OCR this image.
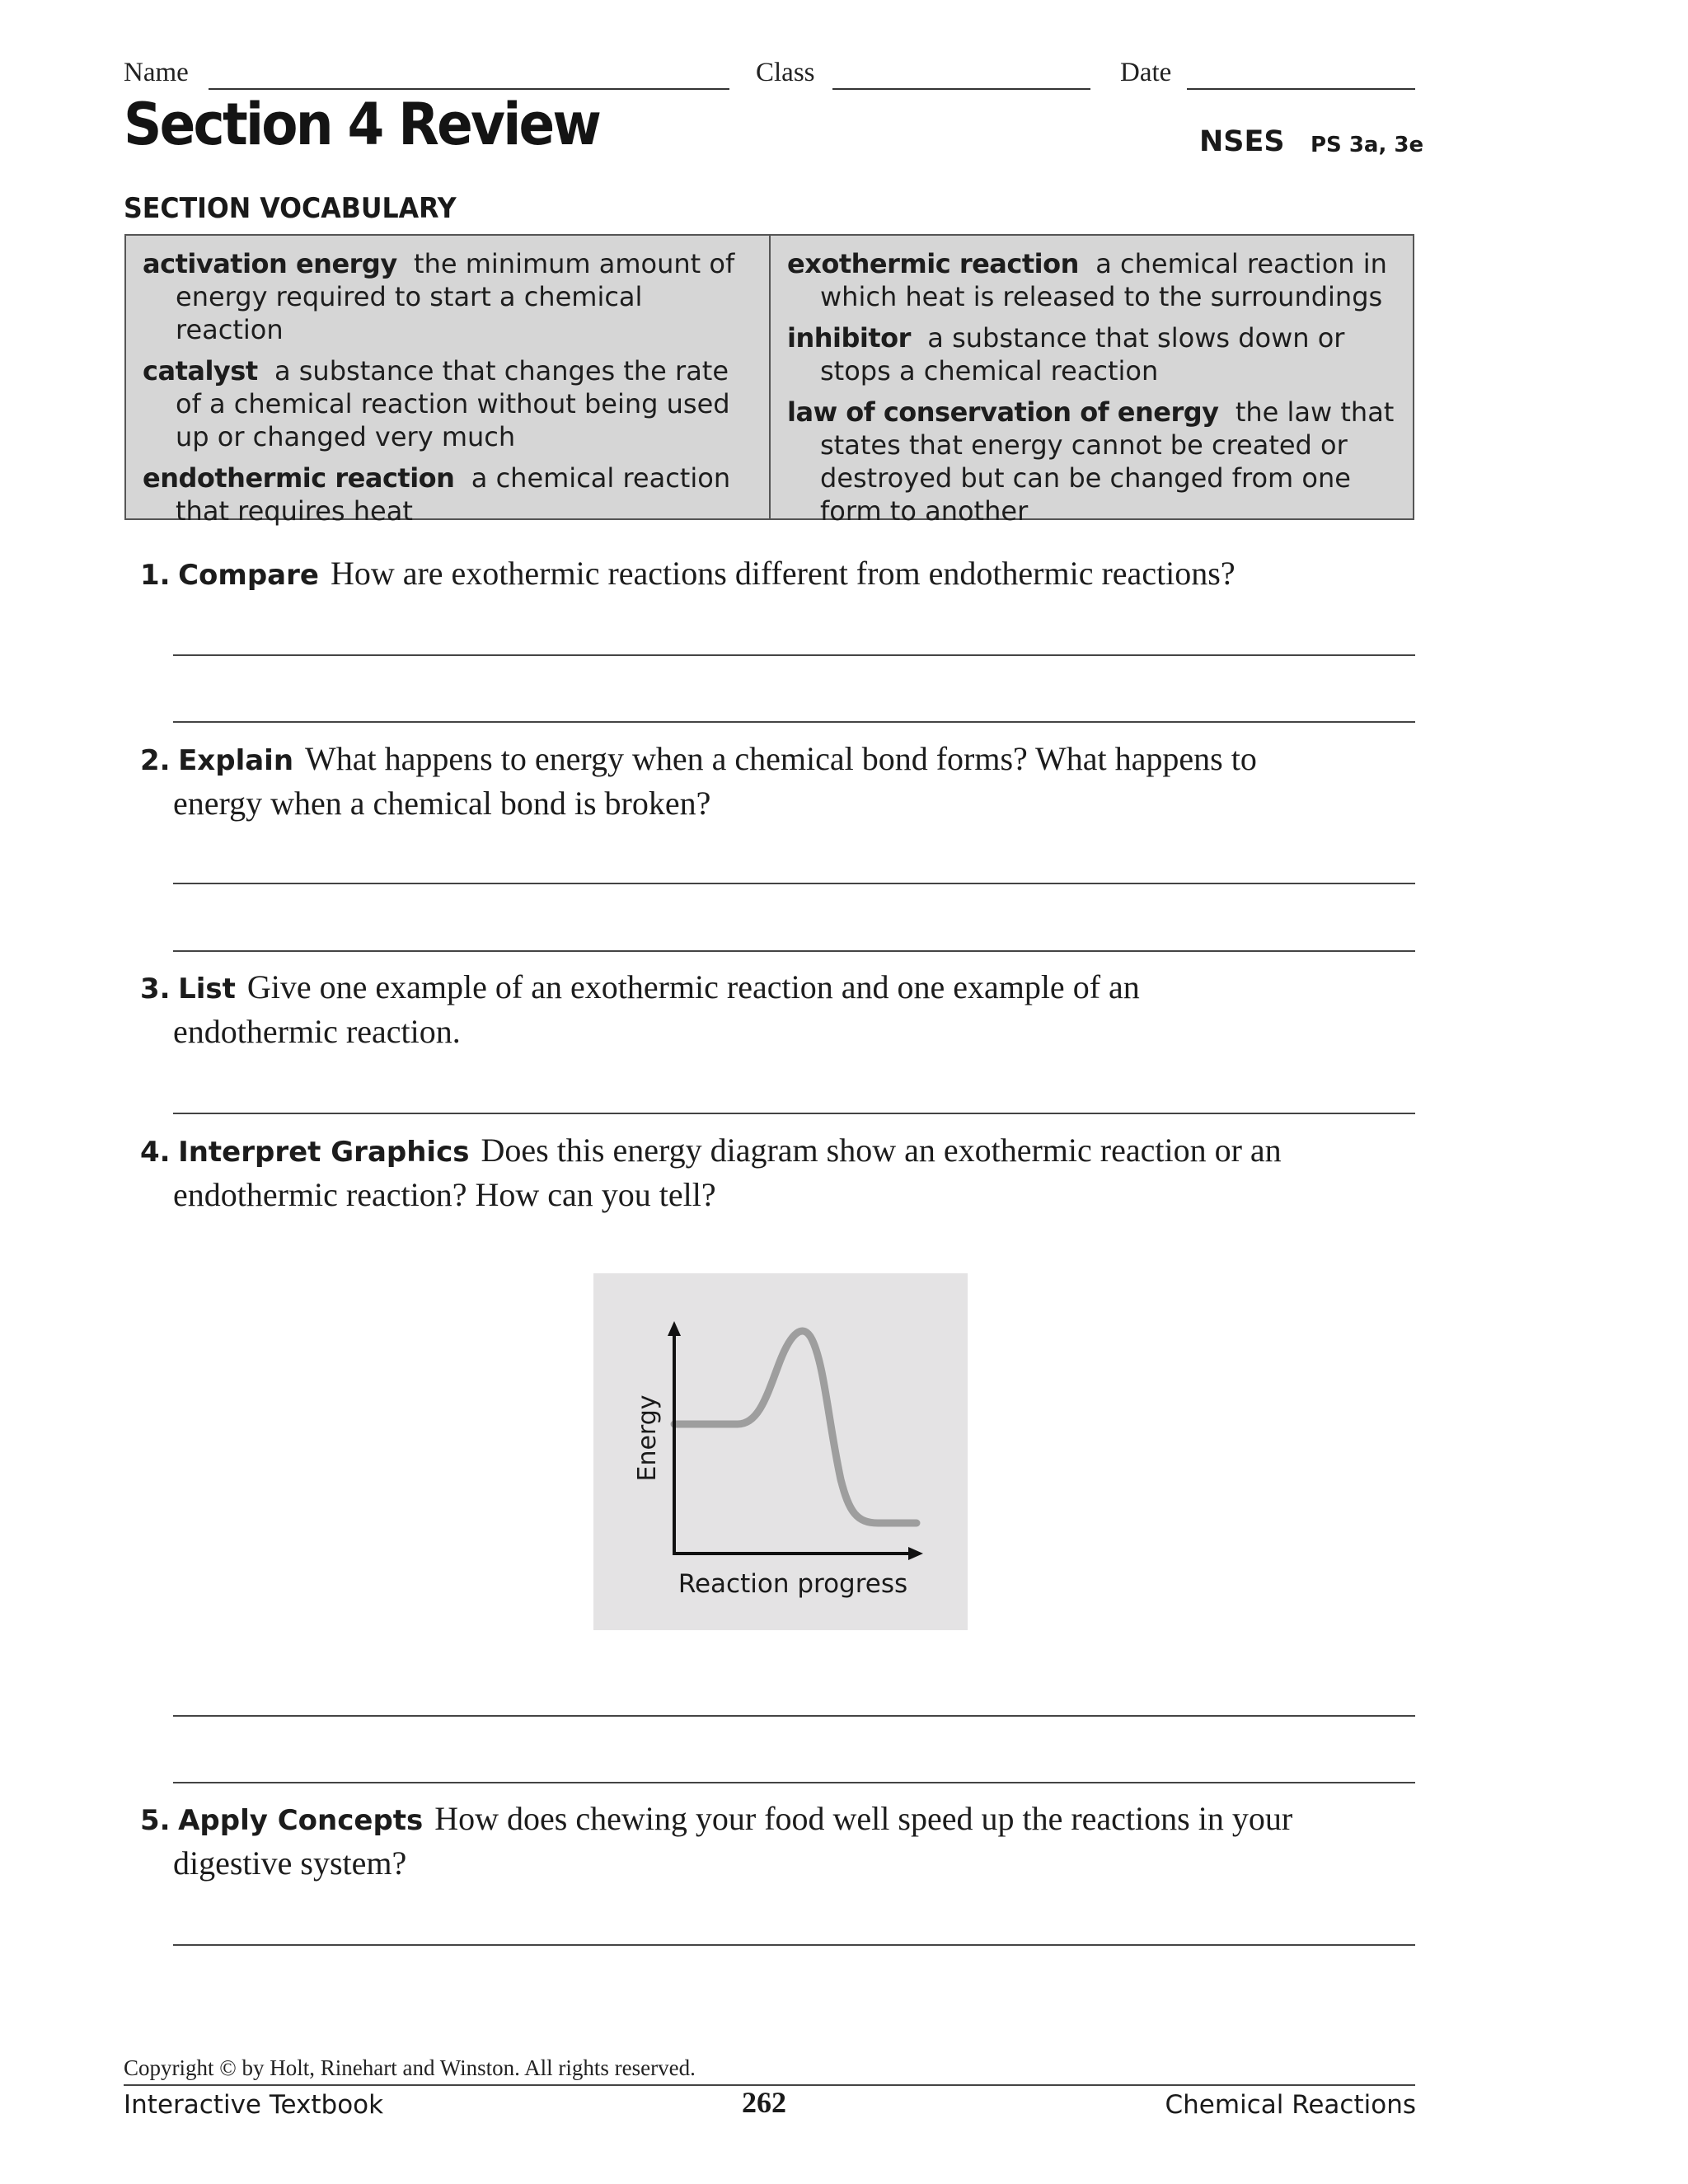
Name	Class	Date
Section 4 Review	NSES PS 3a, 3e
SECTION VOCABULARY
activation energy the minimum amount of energy required to start a chemical reaction
catalyst a substance that changes the rate of a chemical reaction without being used up or changed very much
endothermic reaction a chemical reaction that requires heat
exothermic reaction a chemical reaction in which heat is released to the surroundings
inhibitor a substance that slows down or stops a chemical reaction
law of conservation of energy the law that states that energy cannot be created or destroyed but can be changed from one form to another
1. Compare How are exothermic reactions different from endothermic reactions?
2. Explain What happens to energy when a chemical bond forms? What happens to
energy when a chemical bond is broken?
3. List Give one example of an exothermic reaction and one example of an
endothermic reaction.
4. Interpret Graphics Does this energy diagram show an exothermic reaction or an
endothermic reaction? How can you tell?
Energy
Reaction progress
5. Apply Concepts How does chewing your food well speed up the reactions in your
digestive system?
Copyright © by Holt, Rinehart and Winston. All rights reserved.
Interactive Textbook	262	Chemical Reactions
